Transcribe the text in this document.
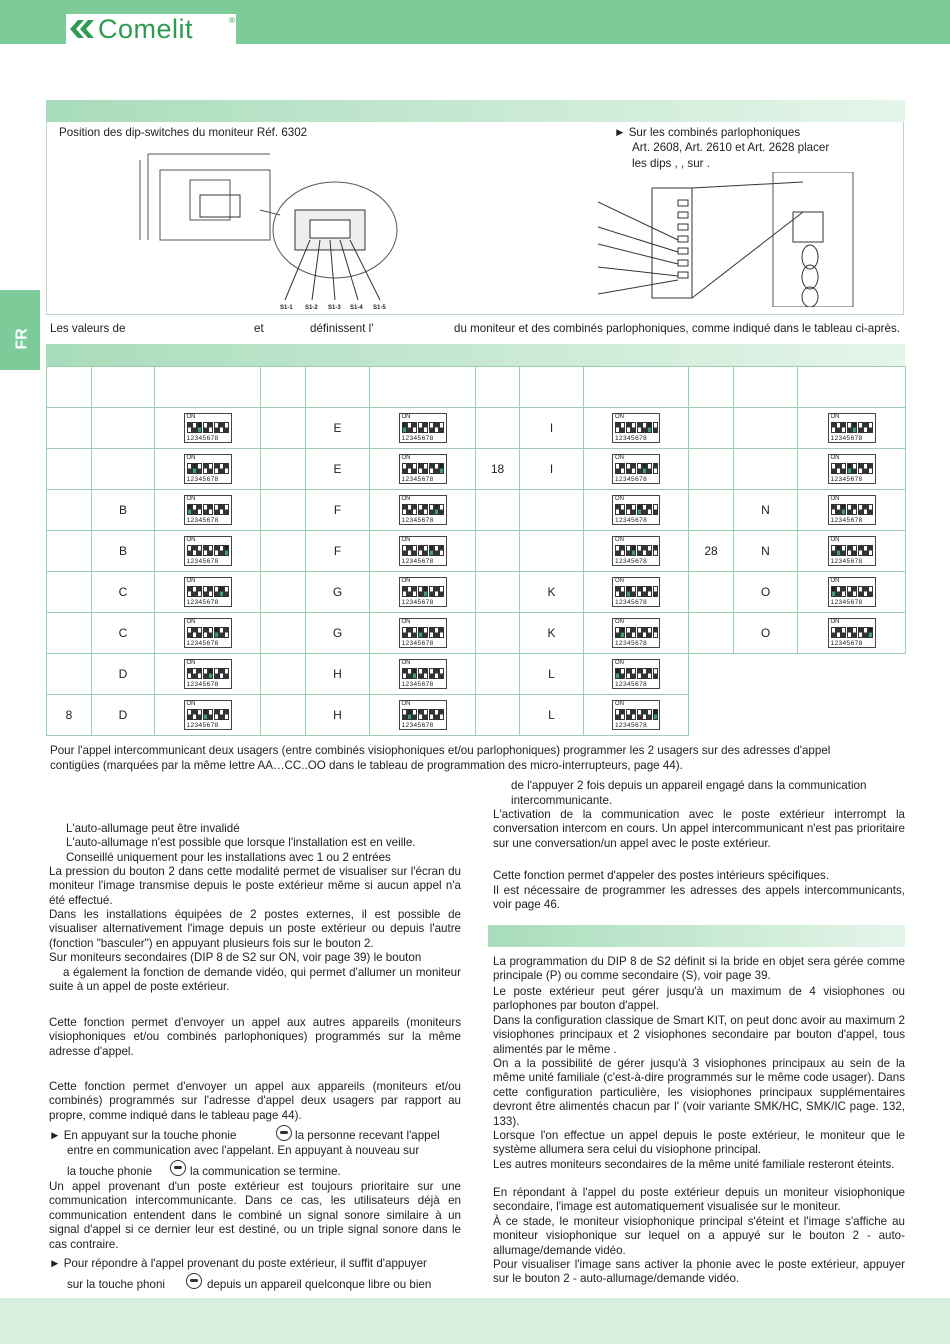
Comelit	®
FR
Position des dip-switches du moniteur Réf. 6302	► Sur les combinés parlophoniques
Art. 2608, Art. 2610 et Art. 2628 placer
les dips , , sur .
S1-1 S1-2 S1-3 S1-4 S1-5
Les valeurs de	et	définissent l'	du moniteur et des combinés parlophoniques, comme indiqué dans le tableau ci-après.

		ON
12345678		E	ON
12345678		I	ON
12345678			ON
12345678

		ON
12345678		E	ON
12345678	18	I	ON
12345678			ON
12345678

	B	ON
12345678		F	ON
12345678			ON
12345678		N	ON
12345678

	B	ON
12345678		F	ON
12345678			ON
12345678	28	N	ON
12345678

	C	ON
12345678		G	ON
12345678		K	ON
12345678		O	ON
12345678

	C	ON
12345678		G	ON
12345678		K	ON
12345678		O	ON
12345678

	D	ON
12345678		H	ON
12345678		L	ON
12345678			

8	D	ON
12345678		H	ON
12345678		L	ON
12345678			
Pour l'appel intercommunicant deux usagers (entre combinés visiophoniques et/ou parlophoniques) programmer les 2 usagers sur des adresses d'appel
contigües (marquées par la même lettre AA…CC..OO dans le tableau de programmation des micro-interrupteurs, page 44).
L'auto-allumage peut être invalidé
L'auto-allumage n'est possible que lorsque l'installation est en veille.
Conseillé uniquement pour les installations avec 1 ou 2 entrées
La pression du bouton 2 dans cette modalité permet de visualiser sur l'écran du moniteur l'image transmise depuis le poste extérieur même si aucun appel n'a été effectué.
Dans les installations équipées de 2 postes externes, il est possible de visualiser alternativement l'image depuis un poste extérieur ou depuis l'autre (fonction "basculer") en appuyant plusieurs fois sur le bouton 2.
Sur moniteurs secondaires (DIP 8 de S2 sur ON, voir page 39) le bouton
a également la fonction de demande vidéo, qui permet d'allumer un moniteur suite à un appel de poste extérieur.
Cette fonction permet d'envoyer un appel aux autres appareils (moniteurs visiophoniques et/ou combinés parlophoniques) programmés sur la même adresse d'appel.
Cette fonction permet d'envoyer un appel aux appareils (moniteurs et/ou combinés) programmés sur l'adresse d'appel deux usagers par rapport au propre, comme indiqué dans le tableau page 44).
► En appuyant sur la touche phonie	la personne recevant l'appel
entre en communication avec l'appelant. En appuyant à nouveau sur
la touche phonie	la communication se termine.
Un appel provenant d'un poste extérieur est toujours prioritaire sur une communication intercommunicante. Dans ce cas, les utilisateurs déjà en communication entendent dans le combiné un signal sonore similaire à un signal d'appel si ce dernier leur est destiné, ou un triple signal sonore dans le cas contraire.
► Pour répondre à l'appel provenant du poste extérieur, il suffit d'appuyer
sur la touche phoni	depuis un appareil quelconque libre ou bien
de l'appuyer 2 fois depuis un appareil engagé dans la communication
intercommunicante.
L'activation de la communication avec le poste extérieur interrompt la conversation intercom en cours. Un appel intercommunicant n'est pas prioritaire sur une conversation/un appel avec le poste extérieur.
Cette fonction permet d'appeler des postes intérieurs spécifiques.
Il est nécessaire de programmer les adresses des appels intercommunicants, voir page 46.
La programmation du DIP 8 de S2 définit si la bride en objet sera gérée comme principale (P) ou comme secondaire (S), voir page 39.
Le poste extérieur peut gérer jusqu'à un maximum de 4 visiophones ou parlophones par bouton d'appel.
Dans la configuration classique de Smart KIT, on peut donc avoir au maximum 2 visiophones principaux et 2 visiophones secondaire par bouton d'appel, tous alimentés par le même .
On a la possibilité de gérer jusqu'à 3 visiophones principaux au sein de la même unité familiale (c'est-à-dire programmés sur le même code usager). Dans cette configuration particulière, les visiophones principaux supplémentaires devront être alimentés chacun par l' (voir variante SMK/HC, SMK/IC page. 132, 133).
Lorsque l'on effectue un appel depuis le poste extérieur, le moniteur que le système allumera sera celui du visiophone principal.
Les autres moniteurs secondaires de la même unité familiale resteront éteints.
En répondant à l'appel du poste extérieur depuis un moniteur visiophonique secondaire, l'image est automatiquement visualisée sur le moniteur.
À ce stade, le moniteur visiophonique principal s'éteint et l'image s'affiche au moniteur visiophonique sur lequel on a appuyé sur le bouton 2 - auto-allumage/demande vidéo.
Pour visualiser l'image sans activer la phonie avec le poste extérieur, appuyer sur le bouton 2 - auto-allumage/demande vidéo.
